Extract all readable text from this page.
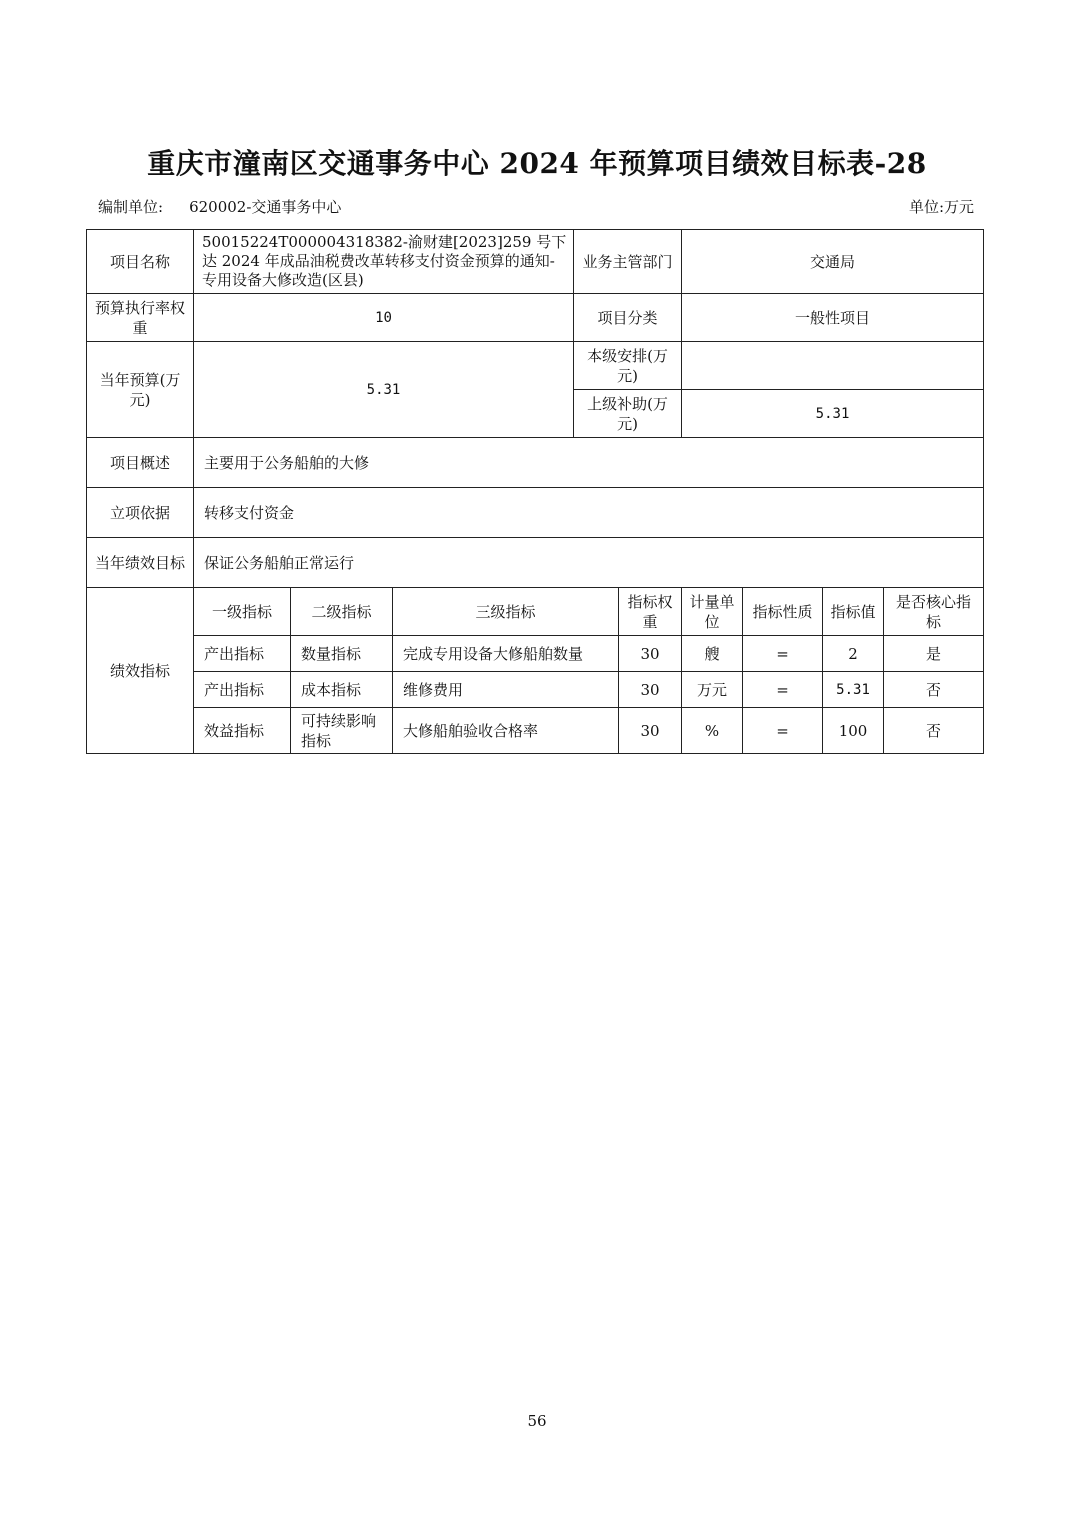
重庆市潼南区交通事务中心 2024 年预算项目绩效目标表-28
编制单位: 620002-交通事务中心	单位:万元
项目名称	50015224T000004318382-渝财建[2023]259 号下达 2024 年成品油税费改革转移支付资金预算的通知-专用设备大修改造(区县)			业务主管部门		交通局			
预算执行率权重	10			项目分类		一般性项目			
当年预算(万元)	5.31			本级安排(万元)					
				上级补助(万元)		5.31			
项目概述	主要用于公务船舶的大修								
立项依据	转移支付资金								
当年绩效目标	保证公务船舶正常运行								
绩效指标	一级指标	二级指标	三级指标		指标权重	计量单位	指标性质	指标值	是否核心指标
	产出指标	数量指标	完成专用设备大修船舶数量		30	艘	=	2	是
	产出指标	成本指标	维修费用		30	万元	=	5.31	否
	效益指标	可持续影响指标	大修船舶验收合格率		30	%	=	100	否
56
